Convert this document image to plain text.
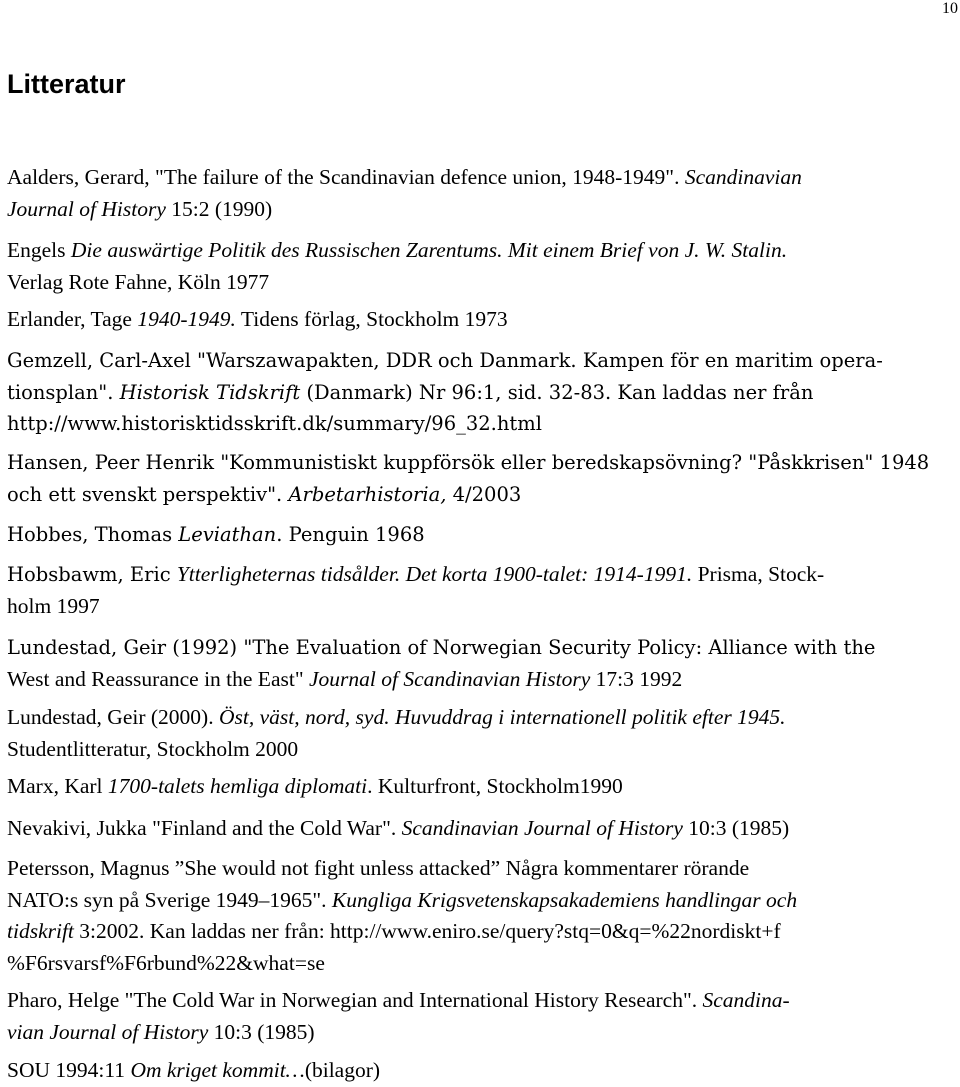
10
Litteratur
Aalders, Gerard, "The failure of the Scandinavian defence union, 1948-1949". Scandinavian
Journal of History 15:2 (1990)
Engels Die auswärtige Politik des Russischen Zarentums. Mit einem Brief von J. W. Stalin.
Verlag Rote Fahne, Köln 1977
Erlander, Tage 1940-1949. Tidens förlag, Stockholm 1973
Gemzell, Carl-Axel "Warszawapakten, DDR och Danmark. Kampen för en maritim opera-
tionsplan". Historisk Tidskrift (Danmark) Nr 96:1, sid. 32-83. Kan laddas ner från
http://www.historisktidsskrift.dk/summary/96_32.html
Hansen, Peer Henrik "Kommunistiskt kuppförsök eller beredskapsövning? "Påskkrisen" 1948
och ett svenskt perspektiv". Arbetarhistoria, 4/2003
Hobbes, Thomas Leviathan. Penguin 1968
Hobsbawm, Eric Ytterligheternas tidsålder. Det korta 1900-talet: 1914-1991. Prisma, Stock-
holm 1997
Lundestad, Geir (1992) "The Evaluation of Norwegian Security Policy: Alliance with the
West and Reassurance in the East" Journal of Scandinavian History 17:3 1992
Lundestad, Geir (2000). Öst, väst, nord, syd. Huvuddrag i internationell politik efter 1945.
Studentlitteratur, Stockholm 2000
Marx, Karl 1700-talets hemliga diplomati. Kulturfront, Stockholm1990
Nevakivi, Jukka "Finland and the Cold War". Scandinavian Journal of History 10:3 (1985)
Petersson, Magnus ”She would not fight unless attacked” Några kommentarer rörande
NATO:s syn på Sverige 1949–1965". Kungliga Krigsvetenskapsakademiens handlingar och
tidskrift 3:2002. Kan laddas ner från: http://www.eniro.se/query?stq=0&q=%22nordiskt+f
%F6rsvarsf%F6rbund%22&what=se
Pharo, Helge "The Cold War in Norwegian and International History Research". Scandina-
vian Journal of History 10:3 (1985)
SOU 1994:11 Om kriget kommit…(bilagor)
